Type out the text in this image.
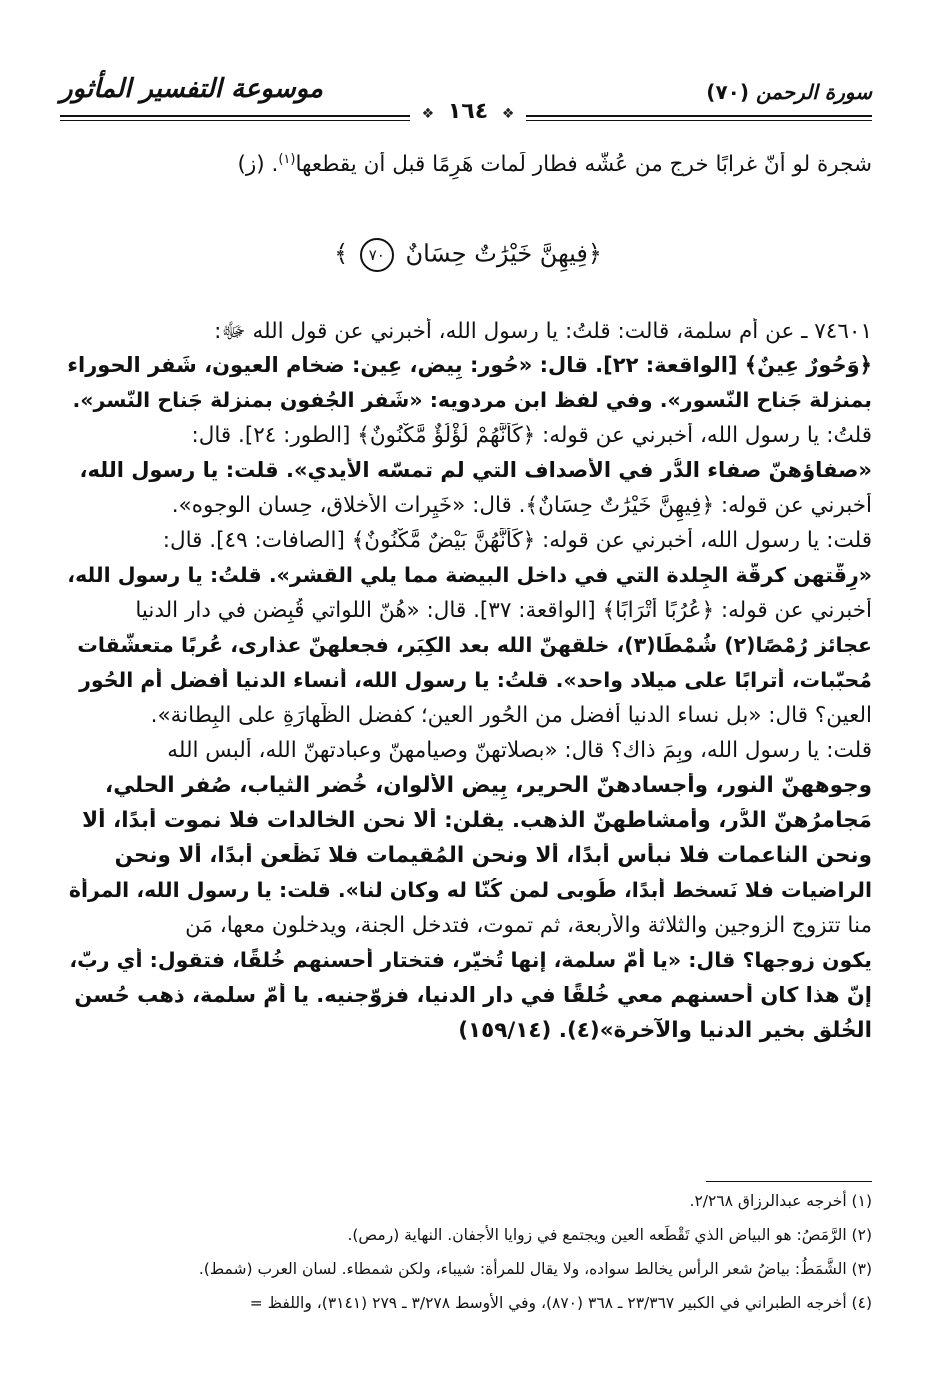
موسوعة التفسير المأثور	سورة الرحمن (٧٠)
❖ ١٦٤ ❖
شجرة لو أنّ غرابًا خرج من عُشّه فطار لَمات هَرِمًا قبل أن يقطعها$^{(١)}$. (ز)
﴿فِيهِنَّ خَيْرَٰتٌ حِسَانٌ ٧٠ ﴾
٧٤٦٠١ ـ عن أم سلمة، قالت: قلتُ: يا رسول الله، أخبرني عن قول الله ﷻ:
﴿وَحُورٌ عِينٌ﴾ [الواقعة: ٢٢]. قال: «حُور: بِيض، عِين: ضخام العيون، شَفر الحوراء
بمنزلة جَناح النّسور». وفي لفظ ابن مردويه: «شَفر الجُفون بمنزلة جَناح النّسر».
قلتُ: يا رسول الله، أخبرني عن قوله: ﴿كَأَنَّهُمْ لُؤْلُؤٌ مَّكْنُونٌ﴾ [الطور: ٢٤]. قال:
«صفاؤهنّ صفاء الدُّر في الأصداف التي لم تمسّه الأيدي». قلت: يا رسول الله،
أخبرني عن قوله: ﴿فِيهِنَّ خَيْرَٰتٌ حِسَانٌ﴾. قال: «خَيِرات الأخلاق، حِسان الوجوه».
قلت: يا رسول الله، أخبرني عن قوله: ﴿كَأَنَّهُنَّ بَيْضٌ مَّكْنُونٌ﴾ [الصافات: ٤٩]. قال:
«رِقّتهن كرقّة الجِلدة التي في داخل البيضة مما يلي القشر». قلتُ: يا رسول الله،
أخبرني عن قوله: ﴿عُرُبًا أَتْرَابًا﴾ [الواقعة: ٣٧]. قال: «هُنّ اللواتي قُبِضن في دار الدنيا
عجائز رُمْصًا(٢) شُمْطًا(٣)، خلقهنّ الله بعد الكِبَر، فجعلهنّ عذارى، عُربًا متعشّقات
مُحبّبات، أترابًا على ميلاد واحد». قلتُ: يا رسول الله، أنساء الدنيا أفضل أم الحُور
العين؟ قال: «بل نساء الدنيا أفضل من الحُور العين؛ كفضل الظّهارَةِ على البِطانة».
قلت: يا رسول الله، وبِمَ ذاك؟ قال: «بصلاتهنّ وصيامهنّ وعبادتهنّ الله، ألبس الله
وجوههنّ النور، وأجسادهنّ الحرير، بِيض الألوان، خُضر الثياب، صُفر الحلي،
مَجامرُهنّ الدُّر، وأمشاطهنّ الذهب. يقلن: ألا نحن الخالدات فلا نموت أبدًا، ألا
ونحن الناعمات فلا نبأس أبدًا، ألا ونحن المُقيمات فلا نَظْعن أبدًا، ألا ونحن
الراضيات فلا نَسخط أبدًا، طُوبى لمن كُنّا له وكان لنا». قلت: يا رسول الله، المرأة
منا تتزوج الزوجين والثلاثة والأربعة، ثم تموت، فتدخل الجنة، ويدخلون معها، مَن
يكون زوجها؟ قال: «يا أُمّ سلمة، إنها تُخيّر، فتختار أحسنهم خُلقًا، فتقول: أي ربّ،
إنّ هذا كان أحسنهم معي خُلقًا في دار الدنيا، فزوّجنيه. يا أُمّ سلمة، ذهب حُسن
الخُلق بخير الدنيا والآخرة»(٤). (١٥٩/١٤)
(١) أخرجه عبدالرزاق ٢/٢٦٨.
(٢) الرَّمَصُ: هو البياض الذي تَقْطَعه العين ويجتمع في زوايا الأجفان. النهاية (رمص).
(٣) الشَّمَطُ: بياضُ شعر الرأس يخالط سواده، ولا يقال للمرأة: شيباء، ولكن شمطاء. لسان العرب (شمط).
(٤) أخرجه الطبراني في الكبير ٢٣/٣٦٧ ـ ٣٦٨ (٨٧٠)، وفي الأوسط ٣/٢٧٨ ـ ٢٧٩ (٣١٤١)، واللفظ =
